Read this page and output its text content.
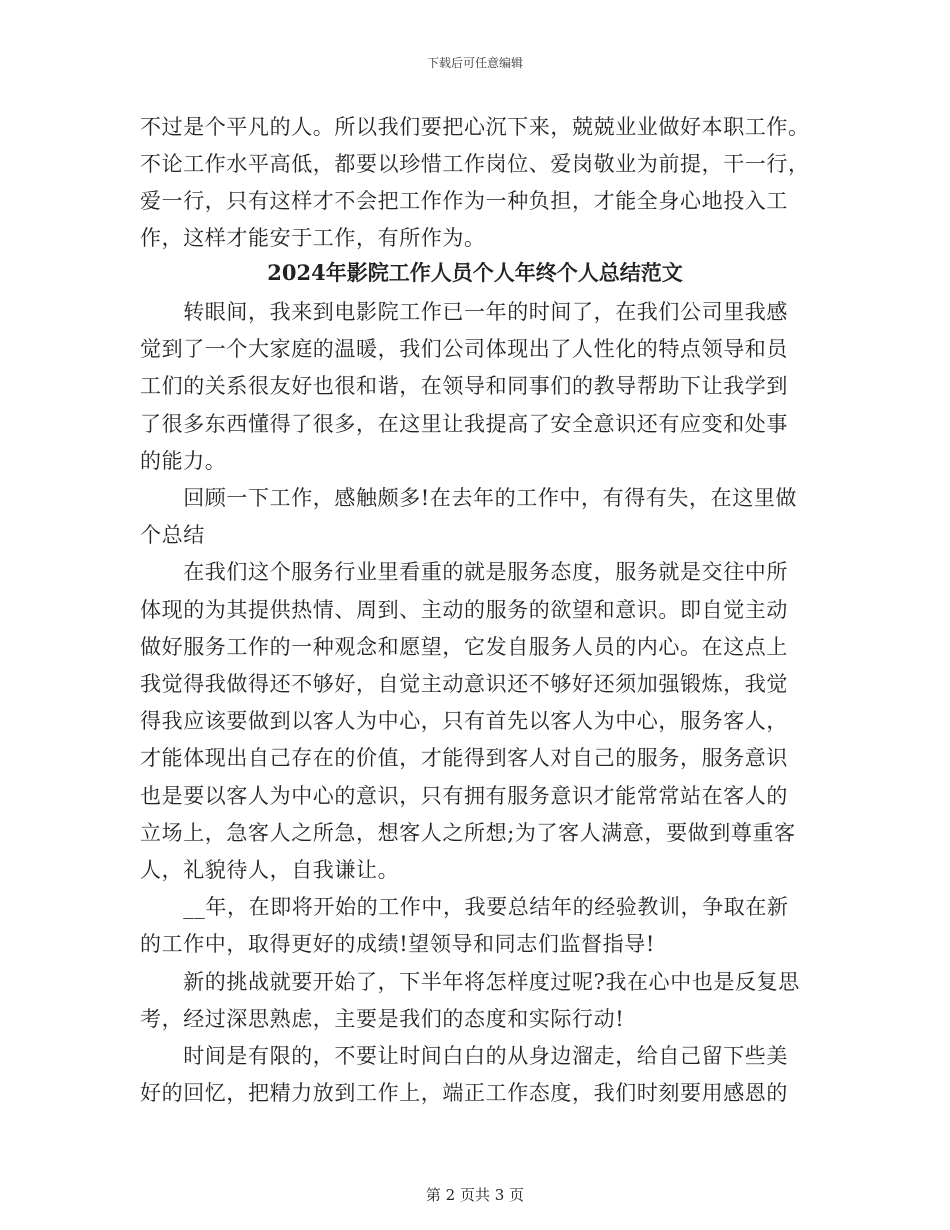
下载后可任意编辑
不过是个平凡的人。所以我们要把心沉下来，兢兢业业做好本职工作。
不论工作水平高低，都要以珍惜工作岗位、爱岗敬业为前提，干一行，
爱一行，只有这样才不会把工作作为一种负担，才能全身心地投入工
作，这样才能安于工作，有所作为。
2024年影院工作人员个人年终个人总结范文
　　转眼间，我来到电影院工作已一年的时间了，在我们公司里我感
觉到了一个大家庭的温暖，我们公司体现出了人性化的特点领导和员
工们的关系很友好也很和谐，在领导和同事们的教导帮助下让我学到
了很多东西懂得了很多，在这里让我提高了安全意识还有应变和处事
的能力。
　　回顾一下工作，感触颇多!在去年的工作中，有得有失，在这里做
个总结
　　在我们这个服务行业里看重的就是服务态度，服务就是交往中所
体现的为其提供热情、周到、主动的服务的欲望和意识。即自觉主动
做好服务工作的一种观念和愿望，它发自服务人员的内心。在这点上
我觉得我做得还不够好，自觉主动意识还不够好还须加强锻炼，我觉
得我应该要做到以客人为中心，只有首先以客人为中心，服务客人，
才能体现出自己存在的价值，才能得到客人对自己的服务，服务意识
也是要以客人为中心的意识，只有拥有服务意识才能常常站在客人的
立场上，急客人之所急，想客人之所想;为了客人满意，要做到尊重客
人，礼貌待人，自我谦让。
　　__年，在即将开始的工作中，我要总结年的经验教训，争取在新
的工作中，取得更好的成绩!望领导和同志们监督指导!
　　新的挑战就要开始了，下半年将怎样度过呢?我在心中也是反复思
考，经过深思熟虑，主要是我们的态度和实际行动!
　　时间是有限的，不要让时间白白的从身边溜走，给自己留下些美
好的回忆，把精力放到工作上，端正工作态度，我们时刻要用感恩的
第 2 页共 3 页
